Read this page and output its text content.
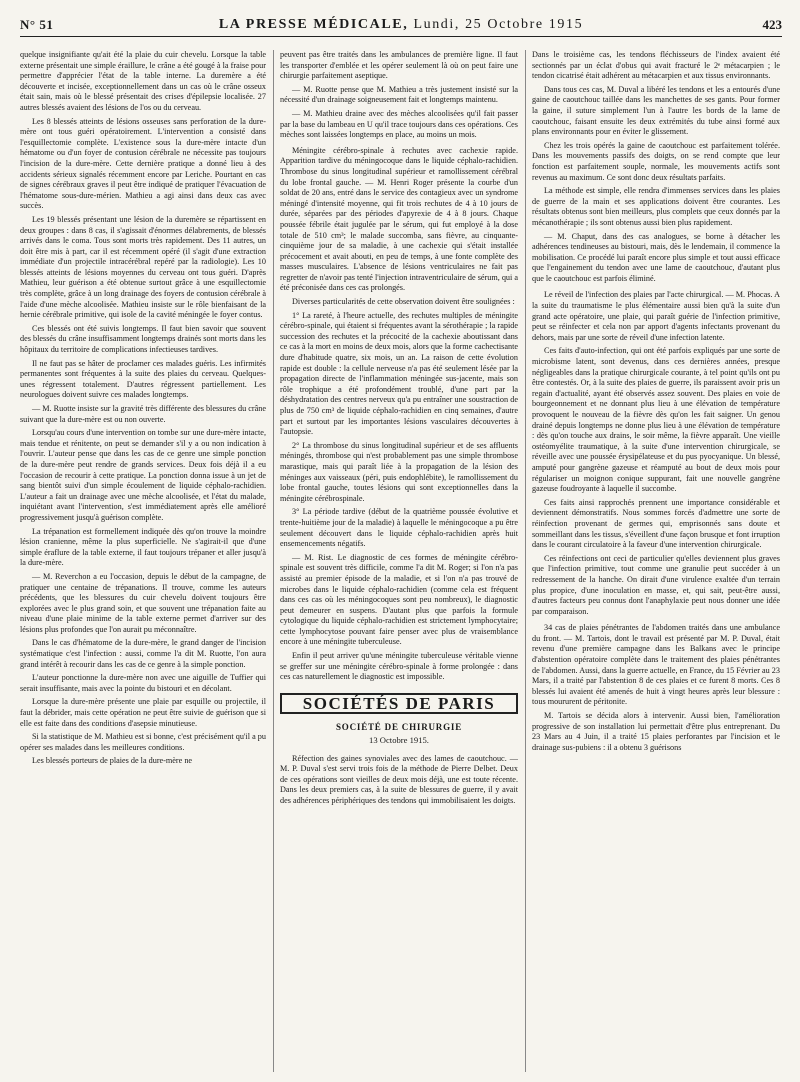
N° 51	LA PRESSE MÉDICALE, Lundi, 25 Octobre 1915	423

quelque insignifiante qu'ait été la plaie du cuir chevelu. Lorsque la table externe présentait une simple éraillure, le crâne a été gougé à la fraise pour permettre d'apprécier l'état de la table interne. La duremère a été découverte et incisée, exceptionnellement dans un cas où le crâne osseux était sain, mais où le blessé présentait des crises d'épilepsie localisée. 27 autres blessés avaient des lésions de l'os ou du cerveau.

Les 8 blessés atteints de lésions osseuses sans perforation de la dure-mère ont tous guéri opératoirement. L'intervention a consisté dans l'esquillectomie complète. L'existence sous la dure-mère intacte d'un hématome ou d'un foyer de contusion cérébrale ne nécessite pas toujours l'incision de la dure-mère. Cette dernière pratique a donné lieu à des accidents sérieux signalés récemment encore par Leriche. Pourtant en cas de signes cérébraux graves il peut être indiqué de pratiquer l'évacuation de l'hématome sous-dure-mérien. Mathieu a agi ainsi dans deux cas avec succès.

Les 19 blessés présentant une lésion de la duremère se répartissent en deux groupes : dans 8 cas, il s'agissait d'énormes délabrements, de blessés arrivés dans le coma. Tous sont morts très rapidement. Des 11 autres, un doit être mis à part, car il est récemment opéré (il s'agit d'une extraction immédiate d'un projectile intracérébral repéré par la radiologie). Les 10 blessés atteints de lésions moyennes du cerveau ont tous guéri. D'après Mathieu, leur guérison a été obtenue surtout grâce à une esquillectomie très complète, grâce à un long drainage des foyers de contusion cérébrale à l'aide d'une mèche alcoolisée. Mathieu insiste sur le rôle bienfaisant de la hernie cérébrale primitive, qui isole de la cavité méningée le foyer contus.

Ces blessés ont été suivis longtemps. Il faut bien savoir que souvent des blessés du crâne insuffisamment longtemps drainés sont morts dans les hôpitaux du territoire de complications infectieuses tardives.

Il ne faut pas se hâter de proclamer ces malades guéris. Les infirmités permanentes sont fréquentes à la suite des plaies du cerveau. Quelques-unes régressent totalement. D'autres régressent partiellement. Les neurologues doivent suivre ces malades longtemps.

— M. Ruotte insiste sur la gravité très différente des blessures du crâne suivant que la dure-mère est ou non ouverte.

Lorsqu'au cours d'une intervention on tombe sur une dure-mère intacte, mais tendue et rénitente, on peut se demander s'il y a ou non indication à l'ouvrir. L'auteur pense que dans les cas de ce genre une simple ponction de la dure-mère peut rendre de grands services. Deux fois déjà il a eu l'occasion de recourir à cette pratique. La ponction donna issue à un jet de sang bientôt suivi d'un simple écoulement de liquide céphalo-rachidien. L'auteur a fait un drainage avec une mèche alcoolisée, et l'état du malade, inquiétant avant l'intervention, s'est immédiatement après elle amélioré progressivement jusqu'à guérison complète.

La trépanation est formellement indiquée dès qu'on trouve la moindre lésion cranienne, même la plus superficielle. Ne s'agirait-il que d'une simple éraflure de la table externe, il faut toujours trépaner et aller jusqu'à la dure-mère.

— M. Reverchon a eu l'occasion, depuis le début de la campagne, de pratiquer une centaine de trépanations. Il trouve, comme les auteurs précédents, que les blessures du cuir chevelu doivent toujours être explorées avec le plus grand soin, et que souvent une trépanation faite au niveau d'une plaie minime de la table externe permet d'arriver sur des lésions plus profondes que l'on aurait pu méconnaître.

Dans le cas d'hématome de la dure-mère, le grand danger de l'incision systématique c'est l'infection : aussi, comme l'a dit M. Ruotte, l'on aura grand intérêt à recourir dans les cas de ce genre à la simple ponction.

L'auteur ponctionne la dure-mère non avec une aiguille de Tuffier qui serait insuffisante, mais avec la pointe du bistouri et en décolant.

Lorsque la dure-mère présente une plaie par esquille ou projectile, il faut la débrider, mais cette opération ne peut être suivie de guérison que si elle est faite dans des conditions d'asepsie minutieuse.

Si la statistique de M. Mathieu est si bonne, c'est précisément qu'il a pu opérer ses malades dans les meilleures conditions.

Les blessés porteurs de plaies de la dure-mère ne

peuvent pas être traités dans les ambulances de première ligne. Il faut les transporter d'emblée et les opérer seulement là où on peut faire une chirurgie parfaitement aseptique.

— M. Ruotte pense que M. Mathieu a très justement insisté sur la nécessité d'un drainage soigneusement fait et longtemps maintenu.

— M. Mathieu draine avec des mèches alcoolisées qu'il fait passer par la base du lambeau en U qu'il trace toujours dans ces opérations. Ces mèches sont laissées longtemps en place, au moins un mois.

Méningite cérébro-spinale à rechutes avec cachexie rapide. Apparition tardive du méningocoque dans le liquide céphalo-rachidien. Thrombose du sinus longitudinal supérieur et ramollissement cérébral du lobe frontal gauche. — M. Henri Roger présente la courbe d'un soldat de 20 ans, entré dans le service des contagieux avec un syndrome méningé d'intensité moyenne, qui fit trois rechutes de 4 à 10 jours de durée, séparées par des périodes d'apyrexie de 4 à 8 jours. Chaque poussée fébrile était jugulée par le sérum, qui fut employé à la dose totale de 510 cm³; le malade succomba, sans fièvre, au cinquante-cinquième jour de sa maladie, à une cachexie qui s'était installée précocement et avait abouti, en peu de temps, à une fonte complète des masses musculaires. L'absence de lésions ventriculaires ne fait pas regretter de n'avoir pas tenté l'injection intraventriculaire de sérum, qui a été préconisée dans ces cas prolongés.

Diverses particularités de cette observation doivent être soulignées :

1° La rareté, à l'heure actuelle, des rechutes multiples de méningite cérébro-spinale, qui étaient si fréquentes avant la sérothérapie ; la rapide succession des rechutes et la précocité de la cachexie aboutissant dans ce cas à la mort en moins de deux mois, alors que la forme cachectisante dure d'habitude quatre, six mois, un an. La raison de cette évolution rapide est double : la cellule nerveuse n'a pas été seulement lésée par la propagation directe de l'inflammation méningée sus-jacente, mais son rôle trophique a été profondément troublé, d'une part par la déshydratation des centres nerveux qu'a pu entraîner une soustraction de plus de 750 cm³ de liquide céphalo-rachidien en cinq semaines, d'autre part et surtout par les importantes lésions vasculaires découvertes à l'autopsie.

2° La thrombose du sinus longitudinal supérieur et de ses affluents méningés, thrombose qui n'est probablement pas une simple thrombose marastique, mais qui paraît liée à la propagation de la lésion des méninges aux vaisseaux (péri, puis endophlébite), le ramollissement du lobe frontal gauche, toutes lésions qui sont exceptionnelles dans la méningite cérébrospinale.

3° La période tardive (début de la quatrième poussée évolutive et trente-huitième jour de la maladie) à laquelle le méningocoque a pu être seulement découvert dans le liquide céphalo-rachidien après huit ensemencements négatifs.

— M. Rist. Le diagnostic de ces formes de méningite cérébro-spinale est souvent très difficile, comme l'a dit M. Roger; si l'on n'a pas assisté au premier épisode de la maladie, et si l'on n'a pas trouvé de microbes dans le liquide céphalo-rachidien (comme cela est fréquent dans ces cas où les méningocoques sont peu nombreux), le diagnostic peut demeurer en suspens. D'autant plus que parfois la formule cytologique du liquide céphalo-rachidien est strictement lymphocytaire; cette lymphocytose pouvant faire penser avec plus de vraisemblance encore à une méningite tuberculeuse.

Enfin il peut arriver qu'une méningite tuberculeuse véritable vienne se greffer sur une méningite cérébro-spinale à forme prolongée : dans ces cas naturellement le diagnostic est impossible.

SOCIÉTÉS DE PARIS
SOCIÉTÉ DE CHIRURGIE
13 Octobre 1915.

Réfection des gaines synoviales avec des lames de caoutchouc. — M. P. Duval s'est servi trois fois de la méthode de Pierre Delbet. Deux de ces opérations sont vieilles de deux mois déjà, une est toute récente. Dans les deux premiers cas, à la suite de blessures de guerre, il y avait des adhérences périphériques des tendons qui immobilisaient les doigts.

Dans le troisième cas, les tendons fléchisseurs de l'index avaient été sectionnés par un éclat d'obus qui avait fracturé le 2ᵉ métacarpien ; le tendon cicatrisé était adhérent au métacarpien et aux tissus environnants.

Dans tous ces cas, M. Duval a libéré les tendons et les a entourés d'une gaine de caoutchouc taillée dans les manchettes de ses gants. Pour former la gaine, il suture simplement l'un à l'autre les bords de la lame de caoutchouc, faisant ensuite les deux extrémités du tube ainsi formé aux plans environnants pour en éviter le glissement.

Chez les trois opérés la gaine de caoutchouc est parfaitement tolérée. Dans les mouvements passifs des doigts, on se rend compte que leur fonction est parfaitement souple, normale, les mouvements actifs sont revenus au maximum. Ce sont donc deux résultats parfaits.

La méthode est simple, elle rendra d'immenses services dans les plaies de guerre de la main et ses applications doivent être courantes. Les résultats obtenus sont bien meilleurs, plus complets que ceux donnés par la mécanothérapie ; ils sont obtenus aussi bien plus rapidement.

— M. Chaput, dans des cas analogues, se borne à détacher les adhérences tendineuses au bistouri, mais, dès le lendemain, il commence la mobilisation. Ce procédé lui paraît encore plus simple et tout aussi efficace que l'engainement du tendon avec une lame de caoutchouc, d'autant plus que le caoutchouc est parfois éliminé.

Le réveil de l'infection des plaies par l'acte chirurgical. — M. Phocas. A la suite du traumatisme le plus élémentaire aussi bien qu'à la suite d'un grand acte opératoire, une plaie, qui paraît guérie de l'infection primitive, peut se réinfecter et cela non par apport d'agents infectants provenant du dehors, mais par une sorte de réveil d'une infection latente.

Ces faits d'auto-infection, qui ont été parfois expliqués par une sorte de microbisme latent, sont devenus, dans ces dernières années, presque négligeables dans la pratique chirurgicale courante, à tel point qu'ils ont pu être contestés. Or, à la suite des plaies de guerre, ils paraissent avoir pris un regain d'actualité, ayant été observés assez souvent. Des plaies en voie de bourgeonnement et ne donnant plus lieu à une élévation de température provoquent le nouveau de la fièvre dès qu'on les fait saigner. Un genou drainé depuis longtemps ne donne plus lieu à une élévation de température : dès qu'on touche aux drains, le soir même, la fièvre apparaît. Une vieille ostéomyélite traumatique, à la suite d'une intervention chirurgicale, se réveille avec une poussée érysipélateuse et du pus pyocyanique. Un blessé, amputé pour gangrène gazeuse et réamputé au bout de deux mois pour régulariser un moignon conique suppurant, fait une nouvelle gangrène gazeuse foudroyante à laquelle il succombe.

Ces faits ainsi rapprochés prennent une importance considérable et deviennent démonstratifs. Nous sommes forcés d'admettre une sorte de réinfection provenant de germes qui, emprisonnés sans doute et sommeillant dans les tissus, s'éveillent d'une façon brusque et font irruption dans le courant circulatoire à la faveur d'une intervention chirurgicale.

Ces réinfections ont ceci de particulier qu'elles deviennent plus graves que l'infection primitive, tout comme une granulie peut succéder à un redressement de la hanche. On dirait d'une virulence exaltée d'un terrain plus propice, d'une inoculation en masse, et, qui sait, peut-être aussi, d'autres facteurs peu connus dont l'anaphylaxie peut nous donner une idée par comparaison.

34 cas de plaies pénétrantes de l'abdomen traités dans une ambulance du front. — M. Tartois, dont le travail est présenté par M. P. Duval, était revenu d'une première campagne dans les Balkans avec le principe d'abstention opératoire complète dans le traitement des plaies pénétrantes de l'abdomen. Aussi, dans la guerre actuelle, en France, du 15 Février au 23 Mars, il a traité par l'abstention 8 de ces plaies et ce furent 8 morts. Ces 8 blessés lui avaient été amenés de huit à vingt heures après leur blessure : tous moururent de péritonite.

M. Tartois se décida alors à intervenir. Aussi bien, l'amélioration progressive de son installation lui permettait d'être plus entreprenant. Du 23 Mars au 4 Juin, il a traité 15 plaies perforantes par l'incision et le drainage sus-pubiens : il a obtenu 3 guérisons
